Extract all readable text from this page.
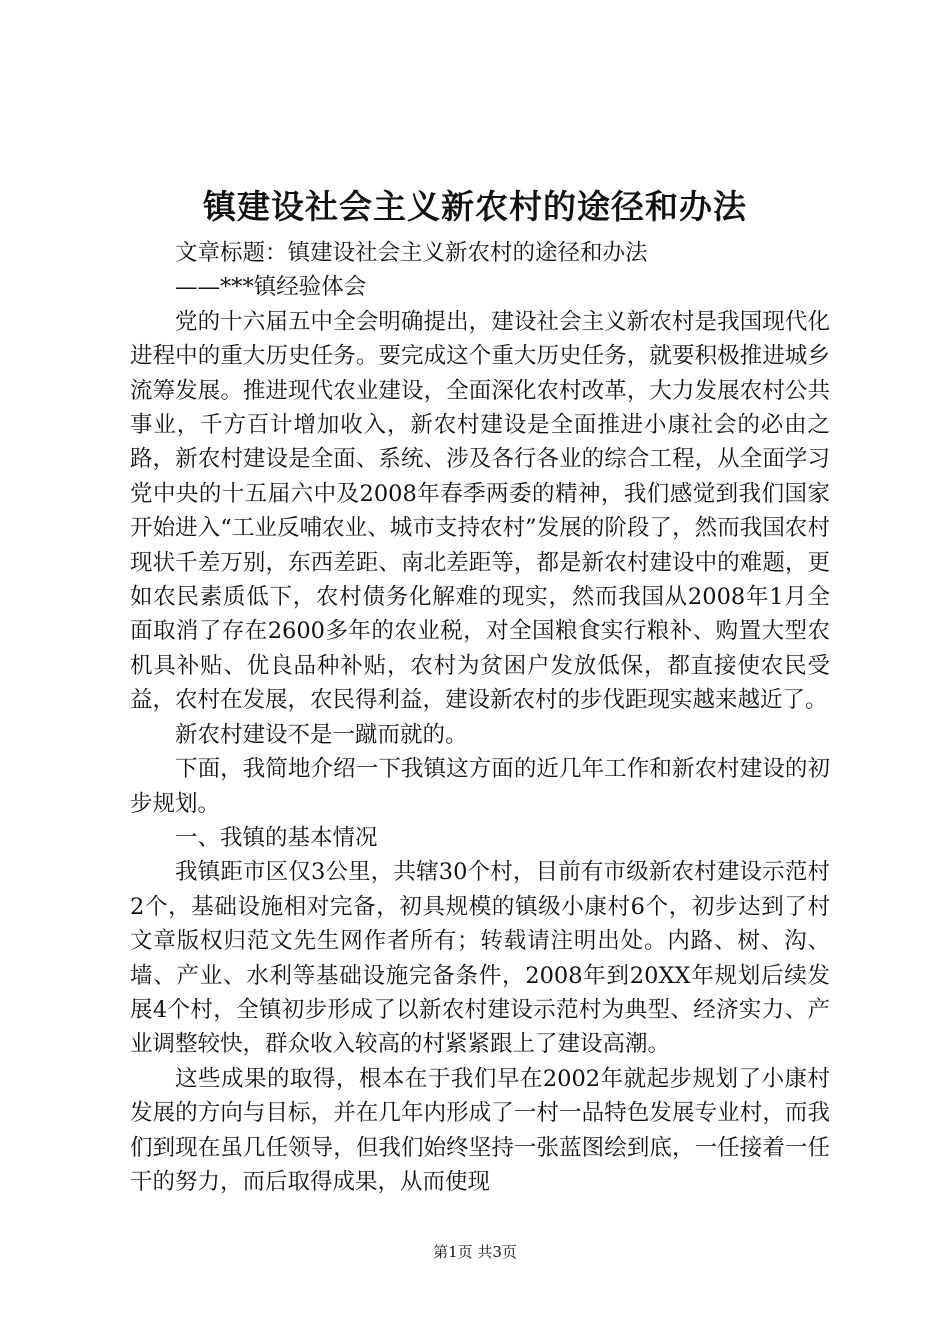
镇建设社会主义新农村的途径和办法

文章标题：镇建设社会主义新农村的途径和办法

——***镇经验体会

党的十六届五中全会明确提出，建设社会主义新农村是我国现代化进程中的重大历史任务。要完成这个重大历史任务，就要积极推进城乡流筹发展。推进现代农业建设，全面深化农村改革，大力发展农村公共事业，千方百计增加收入，新农村建设是全面推进小康社会的必由之路，新农村建设是全面、系统、涉及各行各业的综合工程，从全面学习党中央的十五届六中及2008年春季两委的精神，我们感觉到我们国家开始进入“工业反哺农业、城市支持农村”发展的阶段了，然而我国农村现状千差万别，东西差距、南北差距等，都是新农村建设中的难题，更如农民素质低下，农村债务化解难的现实，然而我国从2008年1月全面取消了存在2600多年的农业税，对全国粮食实行粮补、购置大型农机具补贴、优良品种补贴，农村为贫困户发放低保，都直接使农民受益，农村在发展，农民得利益，建设新农村的步伐距现实越来越近了。

新农村建设不是一蹴而就的。

下面，我简地介绍一下我镇这方面的近几年工作和新农村建设的初步规划。

一、我镇的基本情况

我镇距市区仅3公里，共辖30个村，目前有市级新农村建设示范村2个，基础设施相对完备，初具规模的镇级小康村6个，初步达到了村文章版权归范文先生网作者所有；转载请注明出处。内路、树、沟、墙、产业、水利等基础设施完备条件，2008年到20XX年规划后续发展4个村，全镇初步形成了以新农村建设示范村为典型、经济实力、产业调整较快，群众收入较高的村紧紧跟上了建设高潮。

这些成果的取得，根本在于我们早在2002年就起步规划了小康村发展的方向与目标，并在几年内形成了一村一品特色发展专业村，而我们到现在虽几任领导，但我们始终坚持一张蓝图绘到底，一任接着一任干的努力，而后取得成果，从而使现

第1页 共3页
